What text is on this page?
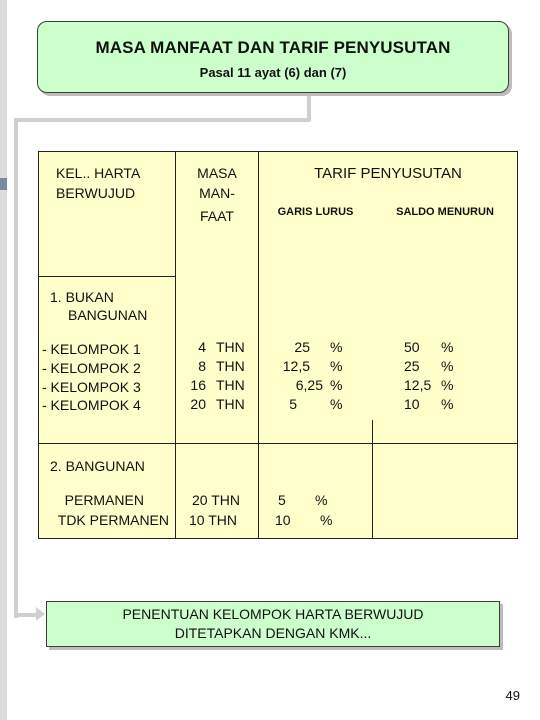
MASA MANFAAT DAN TARIF PENYUSUTAN
Pasal 11 ayat (6) dan (7)
KEL.. HARTA
BERWUJUD
MASA
MAN-
FAAT
TARIF PENYUSUTAN
GARIS LURUS	SALDO MENURUN
1. BUKAN
BANGUNAN
- KELOMPOK 1
- KELOMPOK 2
- KELOMPOK 3
- KELOMPOK 4
4 THN
8 THN
16 THN
20 THN
25 %
12,5 %
6,25 %
5 %
50 %
25 %
12,5 %
10 %
2. BANGUNAN
PERMANEN
TDK PERMANEN
20 THN
10 THN
5 %
10 %
PENENTUAN KELOMPOK HARTA BERWUJUD
DITETAPKAN DENGAN KMK...
49
